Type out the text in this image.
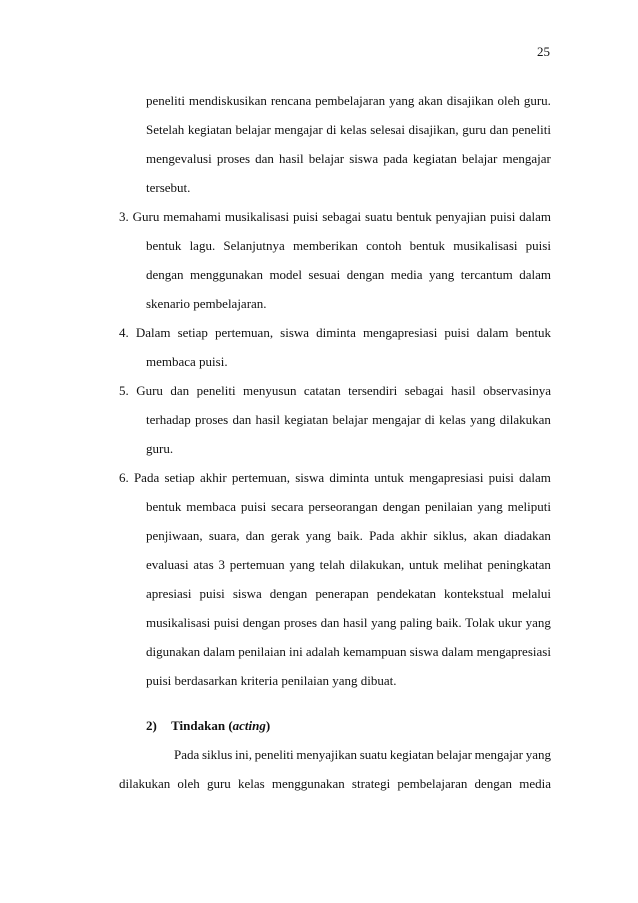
25
peneliti mendiskusikan rencana pembelajaran yang akan disajikan oleh guru.
Setelah kegiatan belajar mengajar di kelas selesai disajikan, guru dan peneliti
mengevalusi proses dan hasil belajar siswa pada kegiatan belajar mengajar
tersebut.
3. Guru memahami musikalisasi puisi sebagai suatu bentuk penyajian puisi dalam
bentuk lagu. Selanjutnya memberikan contoh bentuk musikalisasi puisi
dengan menggunakan model sesuai dengan media yang tercantum dalam
skenario pembelajaran.
4. Dalam setiap pertemuan, siswa diminta mengapresiasi puisi dalam bentuk
membaca puisi.
5. Guru dan peneliti menyusun catatan tersendiri sebagai hasil observasinya
terhadap proses dan hasil kegiatan belajar mengajar di kelas yang dilakukan
guru.
6. Pada setiap akhir pertemuan, siswa diminta untuk mengapresiasi puisi dalam
bentuk membaca puisi secara perseorangan dengan penilaian yang meliputi
penjiwaan, suara, dan gerak yang baik. Pada akhir siklus, akan diadakan
evaluasi atas 3 pertemuan yang telah dilakukan, untuk melihat peningkatan
apresiasi puisi siswa dengan penerapan pendekatan kontekstual melalui
musikalisasi puisi dengan proses dan hasil yang paling baik. Tolak ukur yang
digunakan dalam penilaian ini adalah kemampuan siswa dalam mengapresiasi
puisi berdasarkan kriteria penilaian yang dibuat.
Pada siklus ini, peneliti menyajikan suatu kegiatan belajar mengajar yang
dilakukan oleh guru kelas menggunakan strategi pembelajaran dengan media
2) Tindakan (acting)
